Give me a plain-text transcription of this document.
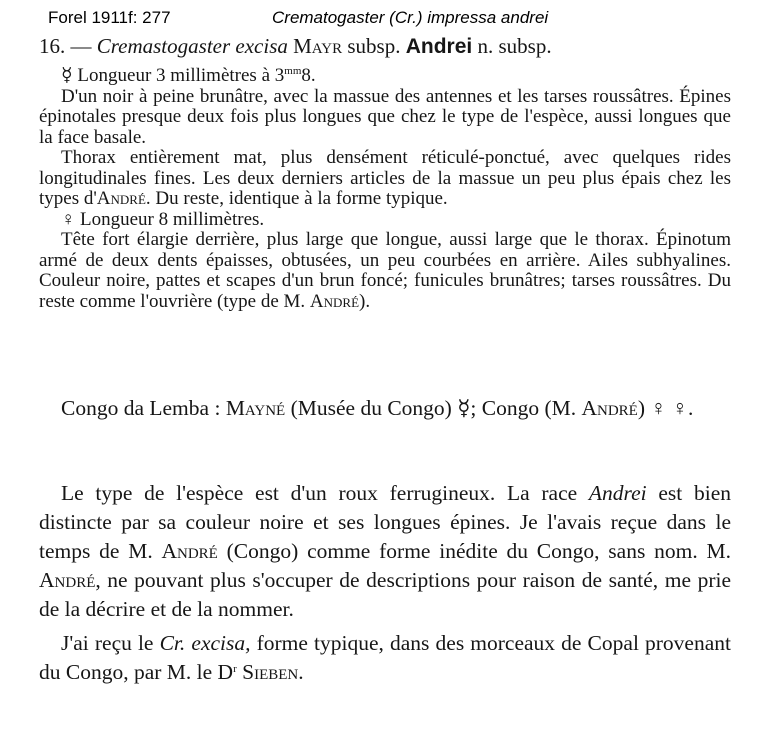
Forel 1911f: 277	Crematogaster (Cr.) impressa andrei
16. — Cremastogaster excisa Mayr subsp. Andrei n. subsp.

☿ Longueur 3 millimètres à $3^{mm}8$.

D'un noir à peine brunâtre, avec la massue des antennes et les tarses roussâtres. Épines épinotales presque deux fois plus longues que chez le type de l'espèce, aussi longues que la face basale.

Thorax entièrement mat, plus densément réticulé-ponctué, avec quelques rides longitudinales fines. Les deux derniers articles de la massue un peu plus épais chez les types d'André. Du reste, identique à la forme typique.

♀ Longueur 8 millimètres.

Tête fort élargie derrière, plus large que longue, aussi large que le thorax. Épinotum armé de deux dents épaisses, obtusées, un peu courbées en arrière. Ailes subhyalines. Couleur noire, pattes et scapes d'un brun foncé; funicules brunâtres; tarses roussâtres. Du reste comme l'ouvrière (type de M. André).

Congo da Lemba : Mayné (Musée du Congo) ☿; Congo (M. André) ♀ ♀.

Le type de l'espèce est d'un roux ferrugineux. La race Andrei est bien distincte par sa couleur noire et ses longues épines. Je l'avais reçue dans le temps de M. André (Congo) comme forme inédite du Congo, sans nom. M. André, ne pouvant plus s'occuper de descriptions pour raison de santé, me prie de la décrire et de la nommer.

J'ai reçu le Cr. excisa, forme typique, dans des morceaux de Copal provenant du Congo, par M. le $D^r$ Sieben.
